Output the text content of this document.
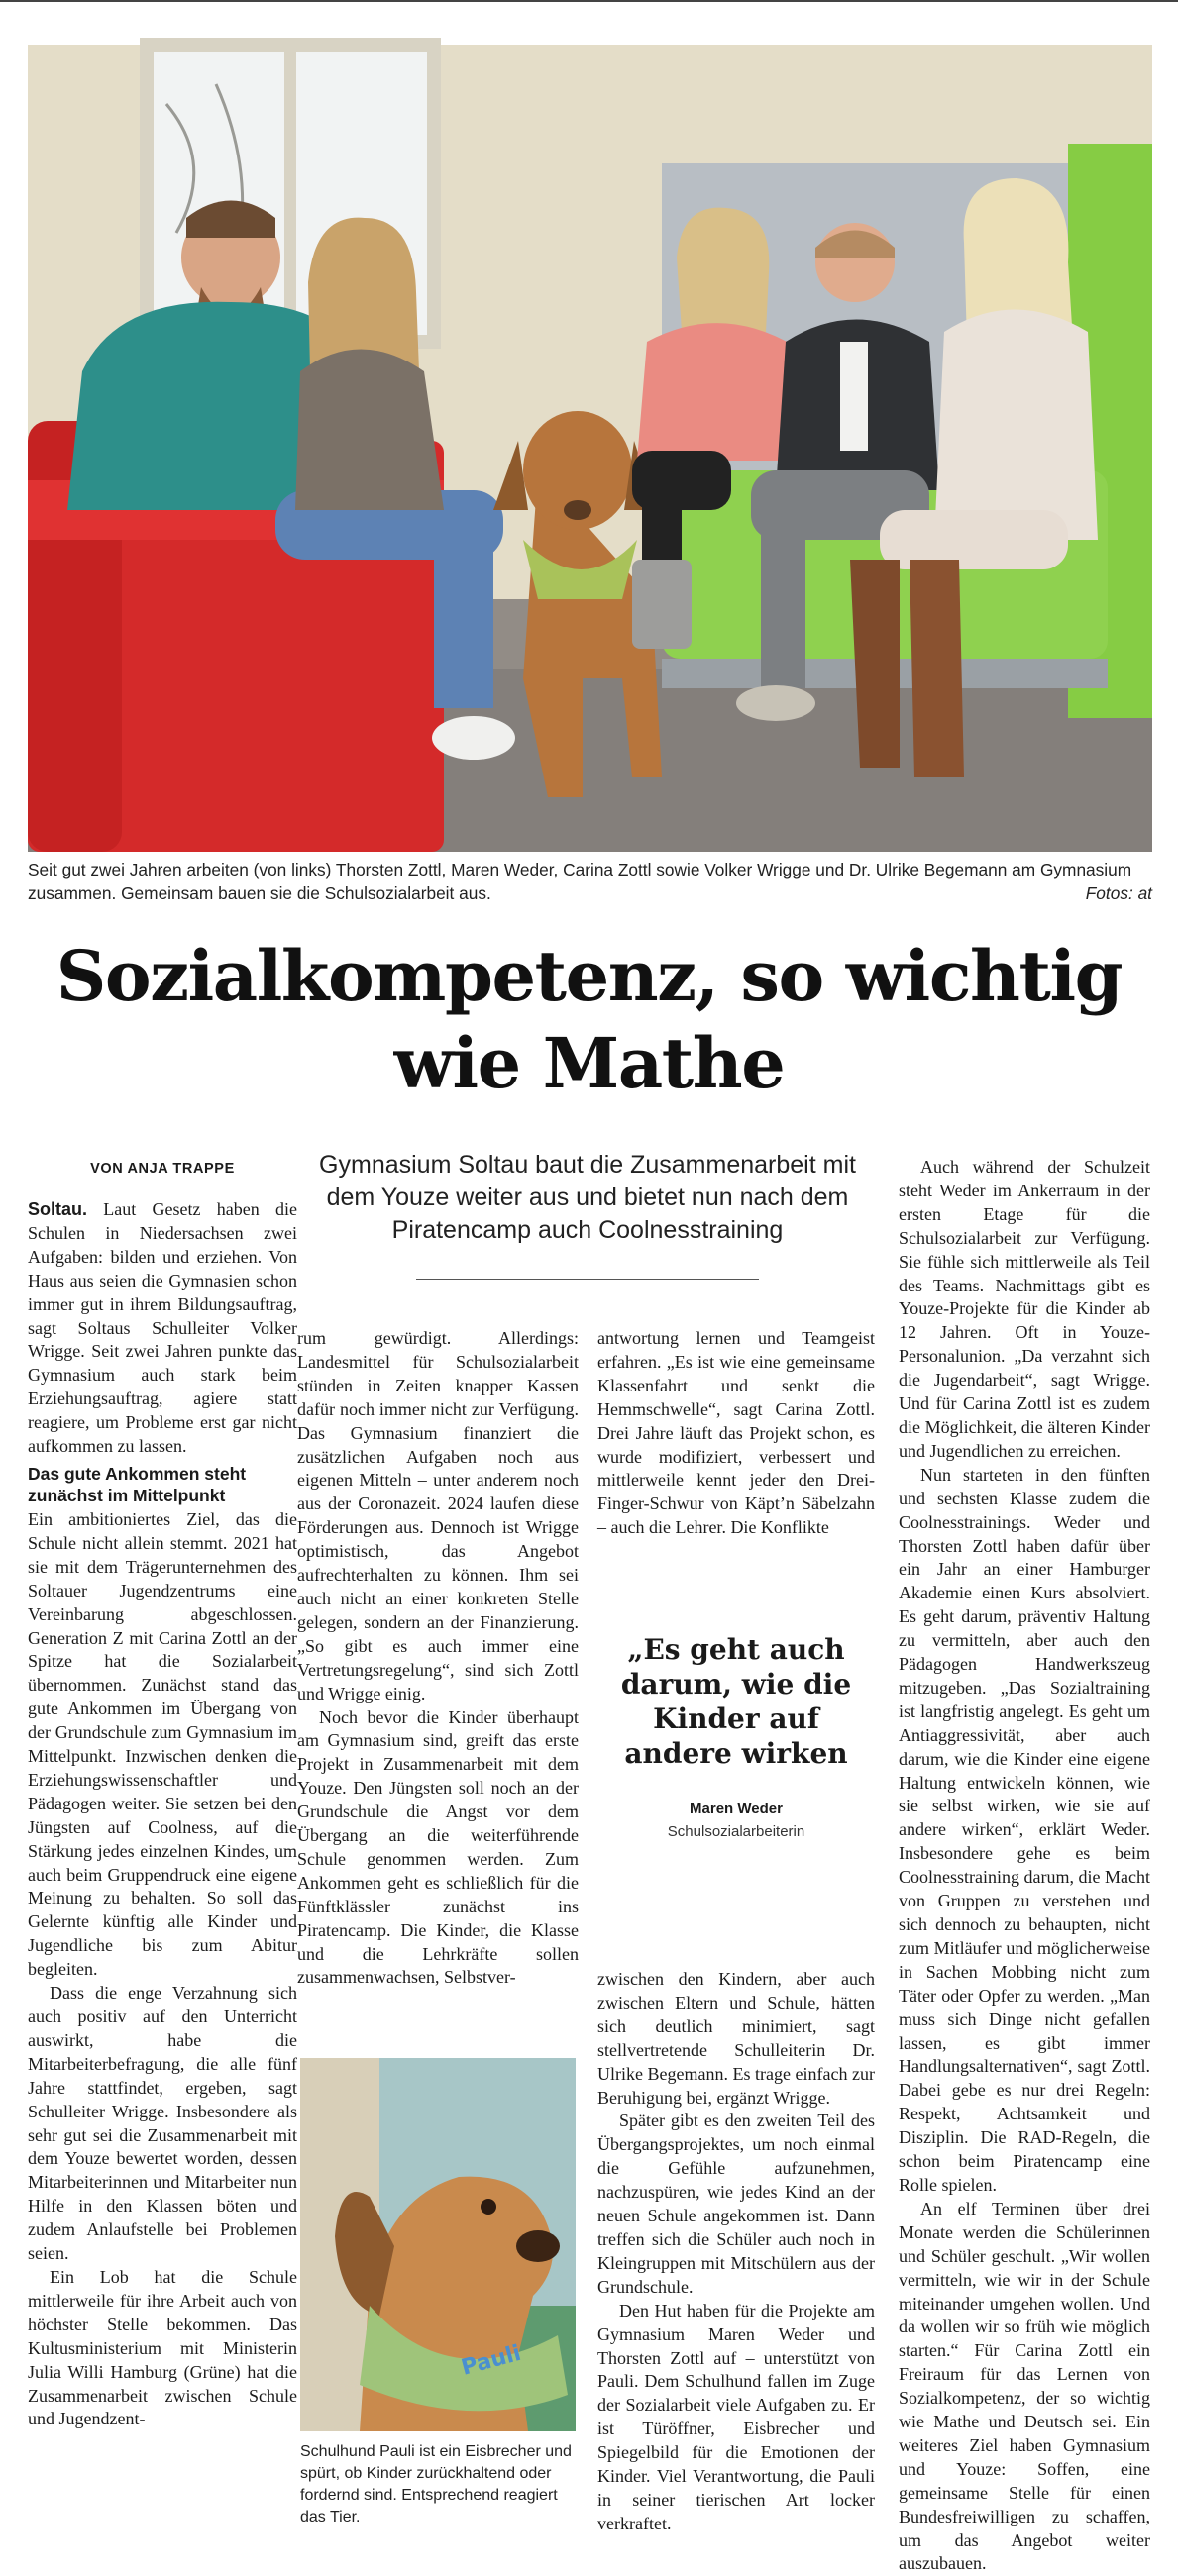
Seit gut zwei Jahren arbeiten (von links) Thorsten Zottl, Maren Weder, Carina Zottl sowie Volker Wrigge und Dr. Ulrike Begemann am Gymnasium zusammen. Gemeinsam bauen sie die Schulsozialarbeit aus.	Fotos: at
Sozialkompetenz, so wichtig wie Mathe
VON ANJA TRAPPE	Gymnasium Soltau baut die Zusammenarbeit mit dem Youze weiter aus und bietet nun nach dem Piratencamp auch Coolnesstraining

Soltau. Laut Gesetz haben die Schulen in Niedersachsen zwei Aufgaben: bilden und erziehen. Von Haus aus seien die Gymnasien schon immer gut in ihrem Bildungsauftrag, sagt Soltaus Schulleiter Volker Wrigge. Seit zwei Jahren punkte das Gymnasium auch stark beim Erziehungsauftrag, agiere statt reagiere, um Probleme erst gar nicht aufkommen zu lassen.

Das gute Ankommen steht zunächst im Mittelpunkt

Ein ambitioniertes Ziel, das die Schule nicht allein stemmt. 2021 hat sie mit dem Trägerunternehmen des Soltauer Jugendzentrums eine Vereinbarung abgeschlossen. Generation Z mit Carina Zottl an der Spitze hat die Sozialarbeit übernommen. Zunächst stand das gute Ankommen im Übergang von der Grundschule zum Gymnasium im Mittelpunkt. Inzwischen denken die Erziehungswissenschaftler und Pädagogen weiter. Sie setzen bei den Jüngsten auf Coolness, auf die Stärkung jedes einzelnen Kindes, um auch beim Gruppendruck eine eigene Meinung zu behalten. So soll das Gelernte künftig alle Kinder und Jugendliche bis zum Abitur begleiten.

Dass die enge Verzahnung sich auch positiv auf den Unterricht auswirkt, habe die Mitarbeiterbefragung, die alle fünf Jahre stattfindet, ergeben, sagt Schulleiter Wrigge. Insbesondere als sehr gut sei die Zusammenarbeit mit dem Youze bewertet worden, dessen Mitarbeiterinnen und Mitarbeiter nun Hilfe in den Klassen böten und zudem Anlaufstelle bei Problemen seien.

Ein Lob hat die Schule mittlerweile für ihre Arbeit auch von höchster Stelle bekommen. Das Kultusministerium mit Ministerin Julia Willi Hamburg (Grüne) hat die Zusammenarbeit zwischen Schule und Jugendzent-

rum gewürdigt. Allerdings: Landesmittel für Schulsozialarbeit stünden in Zeiten knapper Kassen dafür noch immer nicht zur Verfügung. Das Gymnasium finanziert die zusätzlichen Aufgaben noch aus eigenen Mitteln – unter anderem noch aus der Coronazeit. 2024 laufen diese Förderungen aus. Dennoch ist Wrigge optimistisch, das Angebot aufrechterhalten zu können. Ihm sei auch nicht an einer konkreten Stelle gelegen, sondern an der Finanzierung. „So gibt es auch immer eine Vertretungsregelung“, sind sich Zottl und Wrigge einig.

Noch bevor die Kinder überhaupt am Gymnasium sind, greift das erste Projekt in Zusammenarbeit mit dem Youze. Den Jüngsten soll noch an der Grundschule die Angst vor dem Übergang an die weiterführende Schule genommen werden. Zum Ankommen geht es schließlich für die Fünftklässler zunächst ins Piratencamp. Die Kinder, die Klasse und die Lehrkräfte sollen zusammenwachsen, Selbstver-

Pauli
Schulhund Pauli ist ein Eisbrecher und spürt, ob Kinder zurückhaltend oder fordernd sind. Entsprechend reagiert das Tier.

antwortung lernen und Teamgeist erfahren. „Es ist wie eine gemeinsame Klassenfahrt und senkt die Hemmschwelle“, sagt Carina Zottl. Drei Jahre läuft das Projekt schon, es wurde modifiziert, verbessert und mittlerweile kennt jeder den Drei-Finger-Schwur von Käpt’n Säbelzahn – auch die Lehrer. Die Konflikte

„Es geht auch darum, wie die Kinder auf andere wirken
Maren Weder
Schulsozialarbeiterin

zwischen den Kindern, aber auch zwischen Eltern und Schule, hätten sich deutlich minimiert, sagt stellvertretende Schulleiterin Dr. Ulrike Begemann. Es trage einfach zur Beruhigung bei, ergänzt Wrigge.

Später gibt es den zweiten Teil des Übergangsprojektes, um noch einmal die Gefühle aufzunehmen, nachzuspüren, wie jedes Kind an der neuen Schule angekommen ist. Dann treffen sich die Schüler auch noch in Kleingruppen mit Mitschülern aus der Grundschule.

Den Hut haben für die Projekte am Gymnasium Maren Weder und Thorsten Zottl auf – unterstützt von Pauli. Dem Schulhund fallen im Zuge der Sozialarbeit viele Aufgaben zu. Er ist Türöffner, Eisbrecher und Spiegelbild für die Emotionen der Kinder. Viel Verantwortung, die Pauli in seiner tierischen Art locker verkraftet.

Auch während der Schulzeit steht Weder im Ankerraum in der ersten Etage für die Schulsozialarbeit zur Verfügung. Sie fühle sich mittlerweile als Teil des Teams. Nachmittags gibt es Youze-Projekte für die Kinder ab 12 Jahren. Oft in Youze-Personalunion. „Da verzahnt sich die Jugendarbeit“, sagt Wrigge. Und für Carina Zottl ist es zudem die Möglichkeit, die älteren Kinder und Jugendlichen zu erreichen.

Nun starteten in den fünften und sechsten Klasse zudem die Coolnesstrainings. Weder und Thorsten Zottl haben dafür über ein Jahr an einer Hamburger Akademie einen Kurs absolviert. Es geht darum, präventiv Haltung zu vermitteln, aber auch den Pädagogen Handwerkszeug mitzugeben. „Das Sozialtraining ist langfristig angelegt. Es geht um Antiaggressivität, aber auch darum, wie die Kinder eine eigene Haltung entwickeln können, wie sie selbst wirken, wie sie auf andere wirken“, erklärt Weder. Insbesondere gehe es beim Coolnesstraining darum, die Macht von Gruppen zu verstehen und sich dennoch zu behaupten, nicht zum Mitläufer und möglicherweise in Sachen Mobbing nicht zum Täter oder Opfer zu werden. „Man muss sich Dinge nicht gefallen lassen, es gibt immer Handlungsalternativen“, sagt Zottl. Dabei gebe es nur drei Regeln: Respekt, Achtsamkeit und Disziplin. Die RAD-Regeln, die schon beim Piratencamp eine Rolle spielen.

An elf Terminen über drei Monate werden die Schülerinnen und Schüler geschult. „Wir wollen vermitteln, wie wir in der Schule miteinander umgehen wollen. Und da wollen wir so früh wie möglich starten.“ Für Carina Zottl ein Freiraum für das Lernen von Sozialkompetenz, der so wichtig wie Mathe und Deutsch sei. Ein weiteres Ziel haben Gymnasium und Youze: Soffen, eine gemeinsame Stelle für einen Bundesfreiwilligen zu schaffen, um das Angebot weiter auszubauen.
